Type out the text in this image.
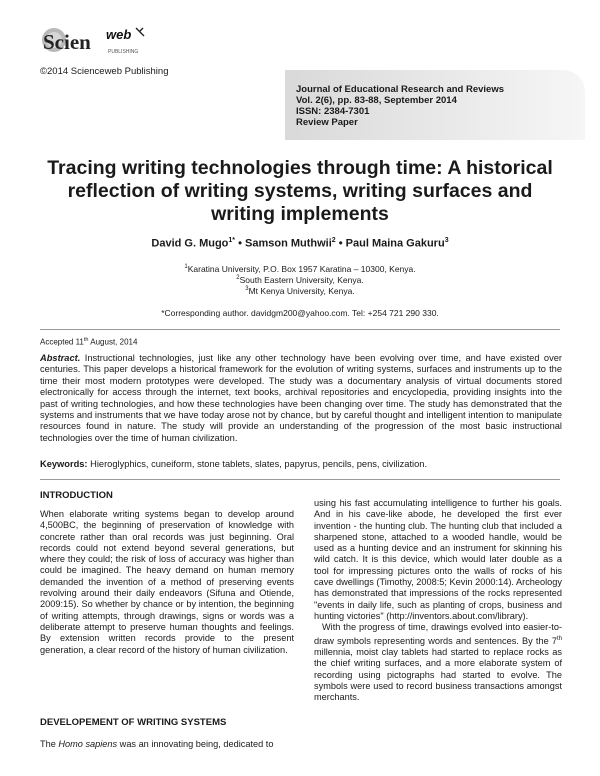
Scien web
PUBLISHING
©2014 Scienceweb Publishing
Journal of Educational Research and Reviews
Vol. 2(6), pp. 83-88, September 2014
ISSN: 2384-7301
Review Paper
Tracing writing technologies through time: A historical
reflection of writing systems, writing surfaces and
writing implements
David G. Mugo$^{1*}$ • Samson Muthwii$^2$ • Paul Maina Gakuru$^3$
$^1$Karatina University, P.O. Box 1957 Karatina – 10300, Kenya.
$^2$South Eastern University, Kenya.
$^3$Mt Kenya University, Kenya.
*Corresponding author. davidgm200@yahoo.com. Tel: +254 721 290 330.
Accepted 11th August, 2014
Abstract. Instructional technologies, just like any other technology have been evolving over time, and have existed over centuries. This paper develops a historical framework for the evolution of writing systems, surfaces and instruments up to the time their most modern prototypes were developed. The study was a documentary analysis of virtual documents stored electronically for access through the internet, text books, archival repositories and encyclopedia, providing insights into the past of writing technologies, and how these technologies have been changing over time. The study has demonstrated that the systems and instruments that we have today arose not by chance, but by careful thought and intelligent intention to manipulate resources found in nature. The study will provide an understanding of the progression of the most basic instructional technologies over the time of human civilization.
Keywords: Hieroglyphics, cuneiform, stone tablets, slates, papyrus, pencils, pens, civilization.
INTRODUCTION

When elaborate writing systems began to develop around 4,500BC, the beginning of preservation of knowledge with concrete rather than oral records was just beginning. Oral records could not extend beyond several generations, but where they could; the risk of loss of accuracy was higher than could be imagined. The heavy demand on human memory demanded the invention of a method of preserving events revolving around their daily endeavors (Sifuna and Otiende, 2009:15). So whether by chance or by intention, the beginning of writing attempts, through drawings, signs or words was a deliberate attempt to preserve human thoughts and feelings. By extension written records provide to the present generation, a clear record of the history of human civilization.

DEVELOPEMENT OF WRITING SYSTEMS
The Homo sapiens was an innovating being, dedicated to

using his fast accumulating intelligence to further his goals. And in his cave-like abode, he developed the first ever invention - the hunting club. The hunting club that included a sharpened stone, attached to a wooded handle, would be used as a hunting device and an instrument for skinning his wild catch. It is this device, which would later double as a tool for impressing pictures onto the walls of rocks of his cave dwellings (Timothy, 2008:5; Kevin 2000:14). Archeology has demonstrated that impressions of the rocks represented "events in daily life, such as planting of crops, business and hunting victories" (http://inventors.about.com/library).

With the progress of time, drawings evolved into easier-to-draw symbols representing words and sentences. By the 7th millennia, moist clay tablets had started to replace rocks as the chief writing surfaces, and a more elaborate system of recording using pictographs had started to evolve. The symbols were used to record business transactions amongst merchants.
